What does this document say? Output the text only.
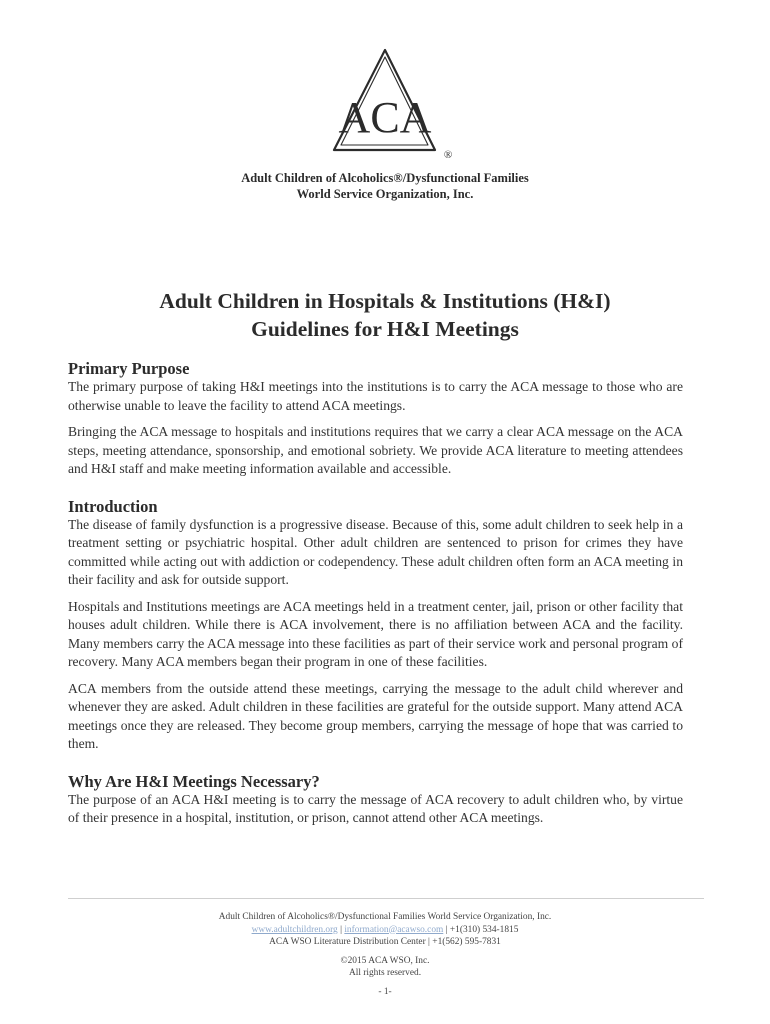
ACA
®
Adult Children of Alcoholics®/Dysfunctional Families
World Service Organization, Inc.
Adult Children in Hospitals & Institutions (H&I)
Guidelines for H&I Meetings
Primary Purpose

The primary purpose of taking H&I meetings into the institutions is to carry the ACA message to those who are otherwise unable to leave the facility to attend ACA meetings.

Bringing the ACA message to hospitals and institutions requires that we carry a clear ACA message on the ACA steps, meeting attendance, sponsorship, and emotional sobriety. We provide ACA literature to meeting attendees and H&I staff and make meeting information available and accessible.

Introduction

The disease of family dysfunction is a progressive disease. Because of this, some adult children to seek help in a treatment setting or psychiatric hospital. Other adult children are sentenced to prison for crimes they have committed while acting out with addiction or codependency. These adult children often form an ACA meeting in their facility and ask for outside support.

Hospitals and Institutions meetings are ACA meetings held in a treatment center, jail, prison or other facility that houses adult children. While there is ACA involvement, there is no affiliation between ACA and the facility. Many members carry the ACA message into these facilities as part of their service work and personal program of recovery. Many ACA members began their program in one of these facilities.

ACA members from the outside attend these meetings, carrying the message to the adult child wherever and whenever they are asked. Adult children in these facilities are grateful for the outside support. Many attend ACA meetings once they are released. They become group members, carrying the message of hope that was carried to them.

Why Are H&I Meetings Necessary?

The purpose of an ACA H&I meeting is to carry the message of ACA recovery to adult children who, by virtue of their presence in a hospital, institution, or prison, cannot attend other ACA meetings.

Adult Children of Alcoholics®/Dysfunctional Families World Service Organization, Inc.
www.adultchildren.org | information@acawso.com | +1(310) 534-1815
ACA WSO Literature Distribution Center | +1(562) 595-7831
©2015 ACA WSO, Inc.
All rights reserved.
- 1-
